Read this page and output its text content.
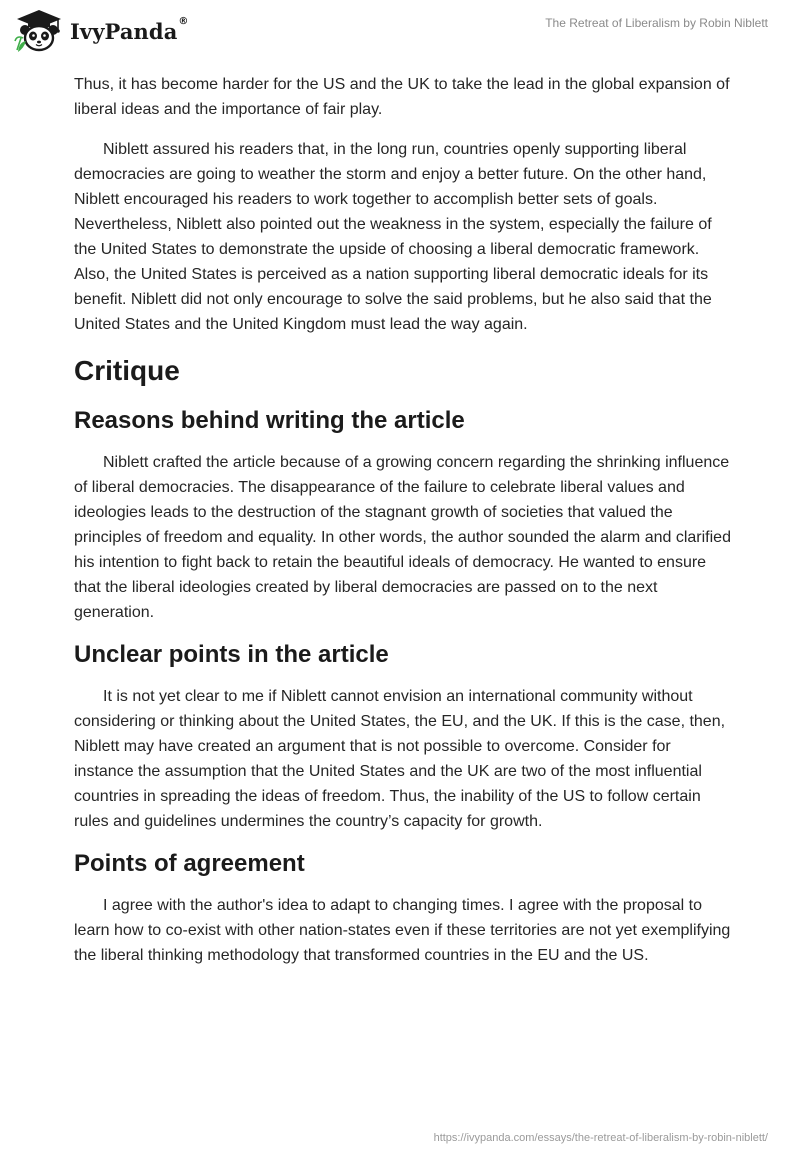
IvyPanda®	The Retreat of Liberalism by Robin Niblett

Thus, it has become harder for the US and the UK to take the lead in the global expansion of liberal ideas and the importance of fair play.

Niblett assured his readers that, in the long run, countries openly supporting liberal democracies are going to weather the storm and enjoy a better future. On the other hand, Niblett encouraged his readers to work together to accomplish better sets of goals. Nevertheless, Niblett also pointed out the weakness in the system, especially the failure of the United States to demonstrate the upside of choosing a liberal democratic framework. Also, the United States is perceived as a nation supporting liberal democratic ideals for its benefit. Niblett did not only encourage to solve the said problems, but he also said that the United States and the United Kingdom must lead the way again.

Critique
Reasons behind writing the article

Niblett crafted the article because of a growing concern regarding the shrinking influence of liberal democracies. The disappearance of the failure to celebrate liberal values and ideologies leads to the destruction of the stagnant growth of societies that valued the principles of freedom and equality. In other words, the author sounded the alarm and clarified his intention to fight back to retain the beautiful ideals of democracy. He wanted to ensure that the liberal ideologies created by liberal democracies are passed on to the next generation.

Unclear points in the article

It is not yet clear to me if Niblett cannot envision an international community without considering or thinking about the United States, the EU, and the UK. If this is the case, then, Niblett may have created an argument that is not possible to overcome. Consider for instance the assumption that the United States and the UK are two of the most influential countries in spreading the ideas of freedom. Thus, the inability of the US to follow certain rules and guidelines undermines the country’s capacity for growth.

Points of agreement

I agree with the author's idea to adapt to changing times. I agree with the proposal to learn how to co-exist with other nation-states even if these territories are not yet exemplifying the liberal thinking methodology that transformed countries in the EU and the US.

https://ivypanda.com/essays/the-retreat-of-liberalism-by-robin-niblett/
